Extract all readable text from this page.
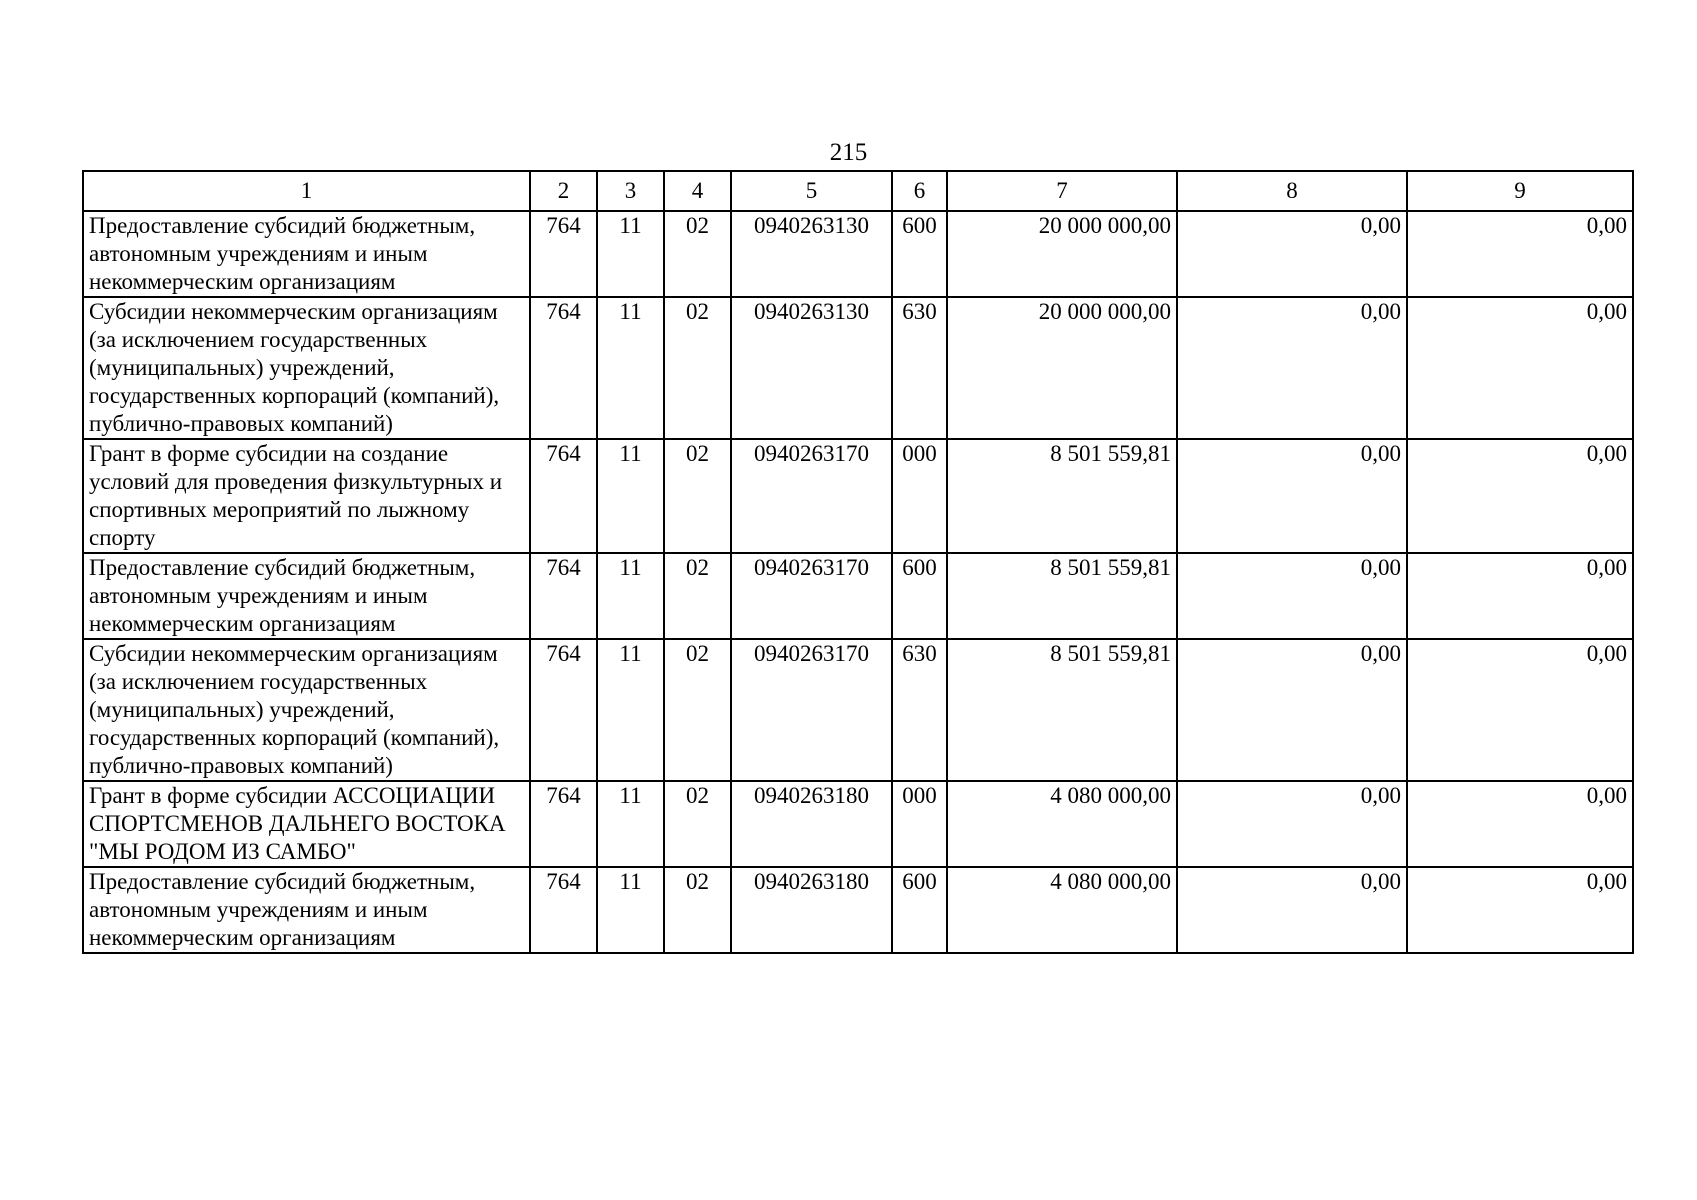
215
1	2	3	4	5	6	7	8	9
Предоставление субсидий бюджетным, автономным учреждениям и иным некоммерческим организациям	764	11	02	0940263130	600	20 000 000,00	0,00	0,00
Субсидии некоммерческим организациям (за исключением государственных (муниципальных) учреждений, государственных корпораций (компаний), публично-правовых компаний)	764	11	02	0940263130	630	20 000 000,00	0,00	0,00
Грант в форме субсидии на создание условий для проведения физкультурных и спортивных мероприятий по лыжному спорту	764	11	02	0940263170	000	8 501 559,81	0,00	0,00
Предоставление субсидий бюджетным, автономным учреждениям и иным некоммерческим организациям	764	11	02	0940263170	600	8 501 559,81	0,00	0,00
Субсидии некоммерческим организациям (за исключением государственных (муниципальных) учреждений, государственных корпораций (компаний), публично-правовых компаний)	764	11	02	0940263170	630	8 501 559,81	0,00	0,00
Грант в форме субсидии АССОЦИАЦИИ СПОРТСМЕНОВ ДАЛЬНЕГО ВОСТОКА "МЫ РОДОМ ИЗ САМБО"	764	11	02	0940263180	000	4 080 000,00	0,00	0,00
Предоставление субсидий бюджетным, автономным учреждениям и иным некоммерческим организациям	764	11	02	0940263180	600	4 080 000,00	0,00	0,00
